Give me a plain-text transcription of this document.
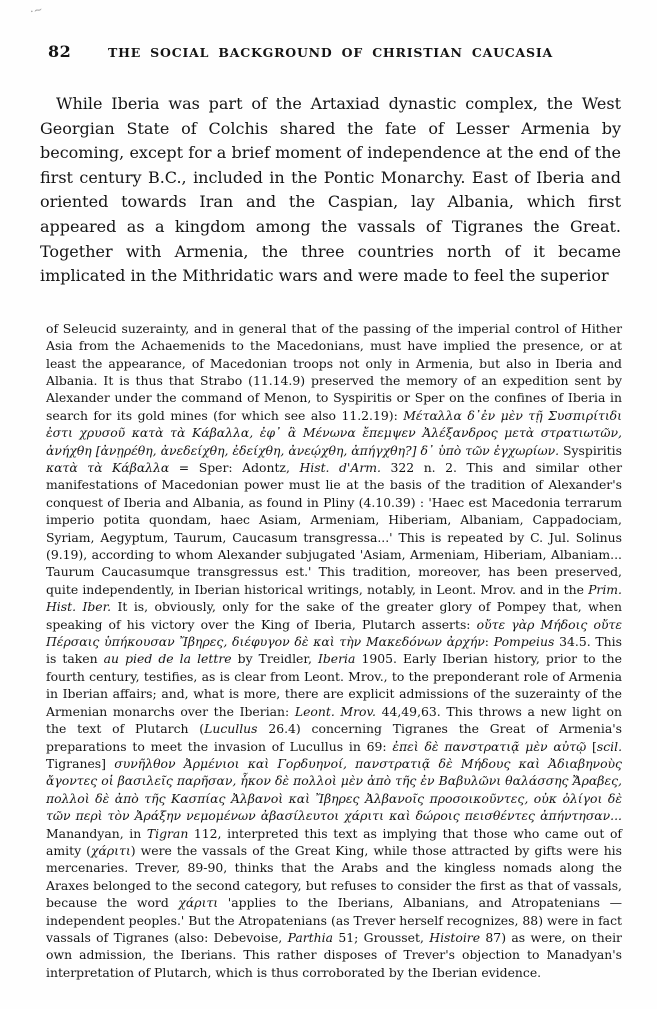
·~
82	THE SOCIAL BACKGROUND OF CHRISTIAN CAUCASIA

While Iberia was part of the Artaxiad dynastic complex, the West Georgian State of Colchis shared the fate of Lesser Armenia by becoming, except for a brief moment of independence at the end of the first century B.C., included in the Pontic Monarchy. East of Iberia and oriented towards Iran and the Caspian, lay Albania, which first appeared as a kingdom among the vassals of Tigranes the Great. Together with Armenia, the three countries north of it became implicated in the Mithridatic wars and were made to feel the superior

of Seleucid suzerainty, and in general that of the passing of the imperial control of Hither Asia from the Achaemenids to the Macedonians, must have implied the presence, or at least the appearance, of Macedonian troops not only in Armenia, but also in Iberia and Albania. It is thus that Strabo (11.14.9) preserved the memory of an expedition sent by Alexander under the command of Menon, to Syspiritis or Sper on the confines of Iberia in search for its gold mines (for which see also 11.2.19): Μέταλλα δ᾽ἐν μὲν τῇ Συσπιρίτιδι ἐστι χρυσοῦ κατὰ τὰ Κάβαλλα, ἐφ᾽ ἃ Μένωνα ἔπεμψεν Ἀλέξανδρος μετὰ στρατιωτῶν, ἀνήχθη [ἀνῃρέθη, ἀνεδείχθη, ἐδείχθη, ἀνεῴχθη, ἀπήγχθη?] δ᾽ ὑπὸ τῶν ἐγχωρίων. Syspiritis κατὰ τὰ Κάβαλλα = Sper: Adontz, Hist. d'Arm. 322 n. 2. This and similar other manifestations of Macedonian power must lie at the basis of the tradition of Alexander's conquest of Iberia and Albania, as found in Pliny (4.10.39) : 'Haec est Macedonia terrarum imperio potita quondam, haec Asiam, Armeniam, Hiberiam, Albaniam, Cappadociam, Syriam, Aegyptum, Taurum, Caucasum transgressa...' This is repeated by C. Jul. Solinus (9.19), according to whom Alexander subjugated 'Asiam, Armeniam, Hiberiam, Albaniam... Taurum Caucasumque transgressus est.' This tradition, moreover, has been preserved, quite independently, in Iberian historical writings, notably, in Leont. Mrov. and in the Prim. Hist. Iber. It is, obviously, only for the sake of the greater glory of Pompey that, when speaking of his victory over the King of Iberia, Plutarch asserts: οὔτε γὰρ Μήδοις οὔτε Πέρσαις ὑπήκουσαν Ἴβηρες, διέφυγον δὲ καὶ τὴν Μακεδόνων ἀρχήν: Pompeius 34.5. This is taken au pied de la lettre by Treidler, Iberia 1905. Early Iberian history, prior to the fourth century, testifies, as is clear from Leont. Mrov., to the preponderant role of Armenia in Iberian affairs; and, what is more, there are explicit admissions of the suzerainty of the Armenian monarchs over the Iberian: Leont. Mrov. 44,49,63. This throws a new light on the text of Plutarch (Lucullus 26.4) concerning Tigranes the Great of Armenia's preparations to meet the invasion of Lucullus in 69: ἐπεὶ δὲ πανστρατιᾷ μὲν αὐτῷ [scil. Tigranes] συνῆλθον Ἀρμένιοι καὶ Γορδυηνοί, πανστρατιᾷ δὲ Μήδους καὶ Ἀδιαβηνοὺς ἄγοντες οἱ βασιλεῖς παρῆσαν, ἧκον δὲ πολλοὶ μὲν ἀπὸ τῆς ἐν Βαβυλῶνι θαλάσσης Ἄραβες, πολλοὶ δὲ ἀπὸ τῆς Κασπίας Ἀλβανοὶ καὶ Ἴβηρες Ἀλβανοῖς προσοικοῦντες, οὐκ ὀλίγοι δὲ τῶν περὶ τὸν Ἀράξην νεμομένων ἀβασίλευτοι χάριτι καὶ δώροις πεισθέντες ἀπήντησαν... Manandyan, in Tigran 112, interpreted this text as implying that those who came out of amity (χάριτι) were the vassals of the Great King, while those attracted by gifts were his mercenaries. Trever, 89-90, thinks that the Arabs and the kingless nomads along the Araxes belonged to the second category, but refuses to consider the first as that of vassals, because the word χάριτι 'applies to the Iberians, Albanians, and Atropatenians — independent peoples.' But the Atropatenians (as Trever herself recognizes, 88) were in fact vassals of Tigranes (also: Debevoise, Parthia 51; Grousset, Histoire 87) as were, on their own admission, the Iberians. This rather disposes of Trever's objection to Manadyan's interpretation of Plutarch, which is thus corroborated by the Iberian evidence.
